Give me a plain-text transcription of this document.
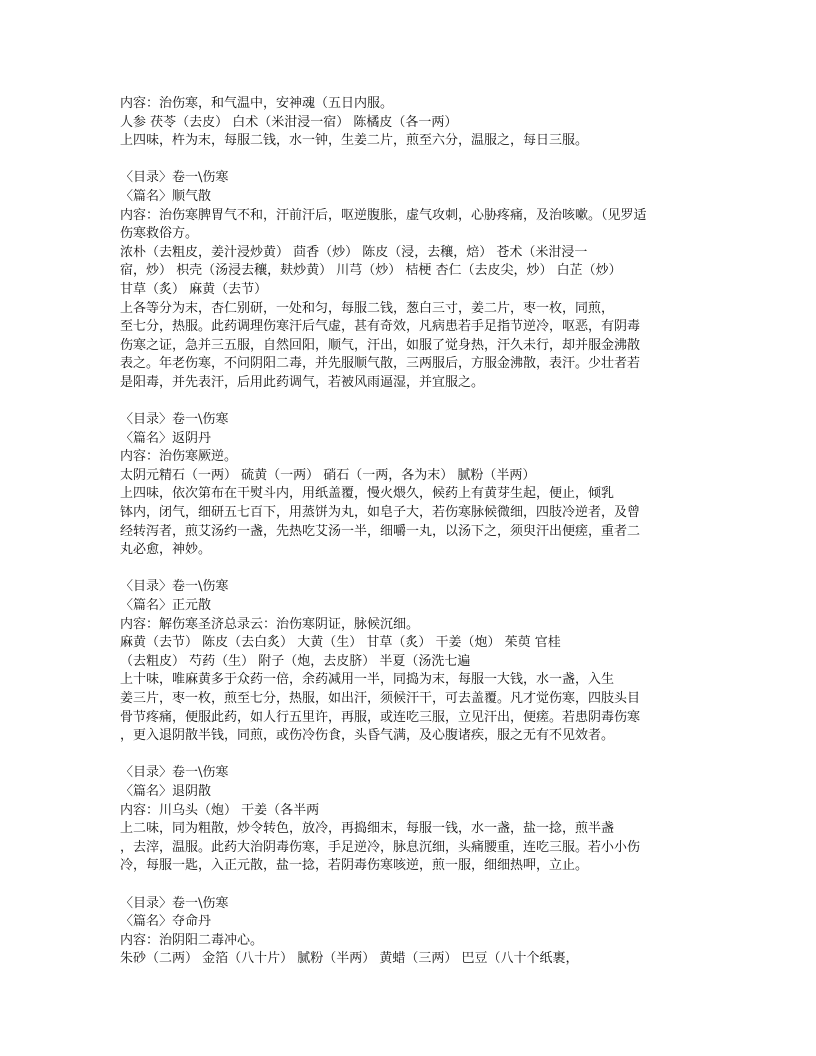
内容：治伤寒，和气温中，安神魂（五日内服。
人参 茯苓（去皮） 白术（米泔浸一宿） 陈橘皮（各一两）
上四味，杵为末，每服二钱，水一钟，生姜二片，煎至六分，温服之，每日三服。
〈目录〉卷一\伤寒
〈篇名〉顺气散
内容：治伤寒脾胃气不和，汗前汗后，呕逆腹胀，虚气攻刺，心胁疼痛，及治咳嗽。（见罗适
伤寒救俗方。
浓朴（去粗皮，姜汁浸炒黄） 茴香（炒） 陈皮（浸，去穰，焙） 苍术（米泔浸一
宿，炒） 枳壳（汤浸去穰，麸炒黄） 川芎（炒） 桔梗 杏仁（去皮尖，炒） 白芷（炒）
甘草（炙） 麻黄（去节）
上各等分为末，杏仁别研，一处和匀，每服二钱，葱白三寸，姜二片，枣一枚，同煎，
至七分，热服。此药调理伤寒汗后气虚，甚有奇效，凡病患若手足指节逆冷，呕恶，有阴毒
伤寒之证，急并三五服，自然回阳，顺气，汗出，如服了觉身热，汗久未行，却并服金沸散
表之。年老伤寒，不问阴阳二毒，并先服顺气散，三两服后，方服金沸散，表汗。少壮者若
是阳毒，并先表汗，后用此药调气，若被风雨逼湿，并宜服之。
〈目录〉卷一\伤寒
〈篇名〉返阴丹
内容：治伤寒厥逆。
太阴元精石（一两） 硫黄（一两） 硝石（一两，各为末） 腻粉（半两）
上四味，依次第布在干熨斗内，用纸盖覆，慢火煨久，候药上有黄芽生起，便止，倾乳
钵内，闭气，细研五七百下，用蒸饼为丸，如皂子大，若伤寒脉候微细，四肢冷逆者，及曾
经转泻者，煎艾汤约一盏，先热吃艾汤一半，细嚼一丸，以汤下之，须臾汗出便瘥，重者二
丸必愈，神妙。
〈目录〉卷一\伤寒
〈篇名〉正元散
内容：解伤寒圣济总录云：治伤寒阴证，脉候沉细。
麻黄（去节） 陈皮（去白炙） 大黄（生） 甘草（炙） 干姜（炮） 茱萸 官桂
（去粗皮） 芍药（生） 附子（炮，去皮脐） 半夏（汤洗七遍
上十味，唯麻黄多于众药一倍，余药减用一半，同捣为末，每服一大钱，水一盏，入生
姜三片，枣一枚，煎至七分，热服，如出汗，须候汗干，可去盖覆。凡才觉伤寒，四肢头目
骨节疼痛，便服此药，如人行五里许，再服，或连吃三服，立见汗出，便瘥。若患阴毒伤寒
，更入退阴散半钱，同煎，或伤冷伤食，头昏气满，及心腹诸疾，服之无有不见效者。
〈目录〉卷一\伤寒
〈篇名〉退阴散
内容：川乌头（炮） 干姜（各半两
上二味，同为粗散，炒令转色，放冷，再捣细末，每服一钱，水一盏，盐一捻，煎半盏
，去滓，温服。此药大治阴毒伤寒，手足逆冷，脉息沉细，头痛腰重，连吃三服。若小小伤
冷，每服一匙，入正元散，盐一捻，若阴毒伤寒咳逆，煎一服，细细热呷，立止。
〈目录〉卷一\伤寒
〈篇名〉夺命丹
内容：治阴阳二毒冲心。
朱砂（二两） 金箔（八十片） 腻粉（半两） 黄蜡（三两） 巴豆（八十个纸裹，
